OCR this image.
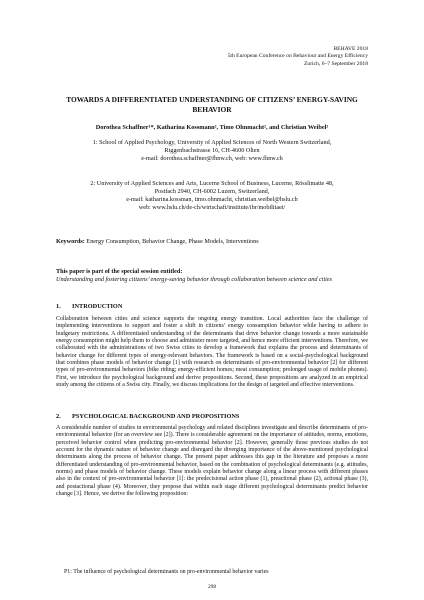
BEHAVE 2018
5th European Conference on Behaviour and Energy Efficiency
Zurich, 6–7 September 2018
TOWARDS A DIFFERENTIATED UNDERSTANDING OF CITIZENS’ ENERGY-SAVING BEHAVIOR
Dorothea Schaffner¹*, Katharina Kossmann², Timo Ohnmacht², and Christian Weibel²
1: School of Applied Psychology, University of Applied Sciences of North Western Switzerland,
Riggenbachstrasse 16, CH-4600 Olten
e-mail: dorothea.schaffner@fhnw.ch, web: www.fhnw.ch
2: University of Applied Sciences and Arts, Lucerne School of Business, Lucerne, Rösslimatte 48,
Postfach 2940, CH-6002 Luzern, Switzerland,
e-mail: katharina.kossman, timo.ohnmacht, christian.weibel@hslu.ch
web: www.hslu.ch/de-ch/wirtschaft/institute/ibr/mobilitaet/
Keywords: Energy Consumption, Behavior Change, Phase Models, Interventions
This paper is part of the special session entitled:
Understanding and fostering citizens’ energy-saving behavior through collaboration between science and cities
1. INTRODUCTION
Collaboration between cities and science supports the ongoing energy transition. Local authorities face the challenge of implementing interventions to support and foster a shift in citizens’ energy consumption behavior while having to adhere to budgetary restrictions. A differentiated understanding of the determinants that drive behavior change towards a more sustainable energy consumption might help them to choose and administer more targeted, and hence more efficient interventions. Therefore, we collaborated with the administrations of two Swiss cities to develop a framework that explains the process and determinants of behavior change for different types of energy-relevant behaviors. The framework is based on a social-psychological background that combines phase models of behavior change [1] with research on determinants of pro-environmental behavior [2] for different types of pro-environmental behaviors (bike riding; energy-efficient homes; meat consumption; prolonged usage of mobile phones). First, we introduce the psychological background and derive propositions. Second, these propositions are analyzed in an empirical study among the citizens of a Swiss city. Finally, we discuss implications for the design of targeted and effective interventions.
2. PSYCHOLOGICAL BACKGROUND AND PROPOSITIONS
A considerable number of studies in environmental psychology and related disciplines investigate and describe determinants of pro-environmental behavior (for an overview see [2]). There is considerable agreement on the importance of attitudes, norms, emotions, perceived behavior control when predicting pro-environmental behavior [2]. However, generally those previous studies do not account for the dynamic nature of behavior change and disregard the diverging importance of the above-mentioned psychological determinants along the process of behavior change. The present paper addresses this gap in the literature and proposes a more differentiated understanding of pro-environmental behavior, based on the combination of psychological determinants (e.g. attitudes, norms) and phase models of behavior change. These models explain behavior change along a linear process with different phases also in the context of pro-environmental behavior [1]: the predecisional action phase (1), preactional phase (2), actional phase (3), and postactional phase (4). Moreover, they propose that within each stage different psychological determinants predict behavior change [3]. Hence, we derive the following proposition:
P1: The influence of psychological determinants on pro-environmental behavior varies
298
